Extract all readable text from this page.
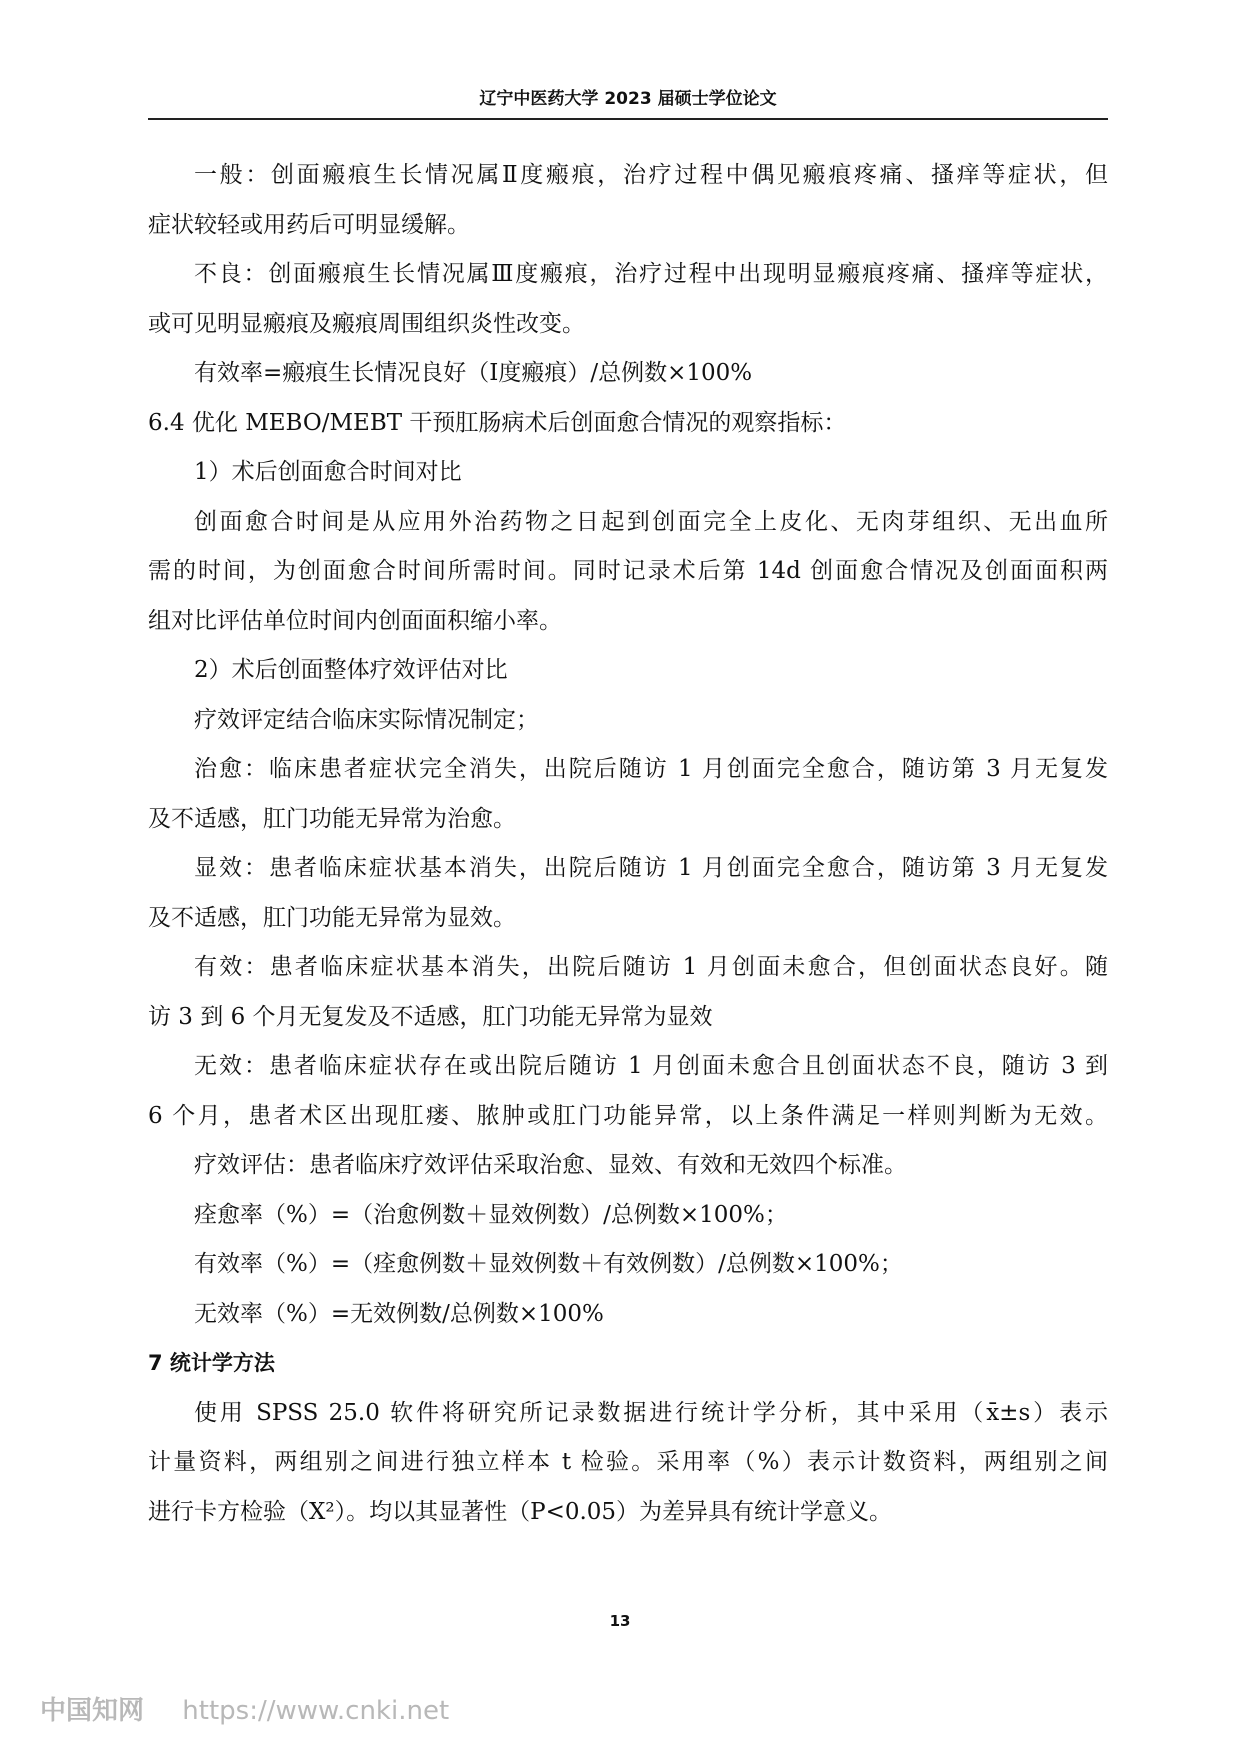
辽宁中医药大学 2023 届硕士学位论文
一般：创面瘢痕生长情况属Ⅱ度瘢痕，治疗过程中偶见瘢痕疼痛、搔痒等症状，但
症状较轻或用药后可明显缓解。
不良：创面瘢痕生长情况属Ⅲ度瘢痕，治疗过程中出现明显瘢痕疼痛、搔痒等症状，
或可见明显瘢痕及瘢痕周围组织炎性改变。
有效率=瘢痕生长情况良好（Ⅰ度瘢痕）/总例数×100%
6.4 优化 MEBO/MEBT 干预肛肠病术后创面愈合情况的观察指标：
1）术后创面愈合时间对比
创面愈合时间是从应用外治药物之日起到创面完全上皮化、无肉芽组织、无出血所
需的时间，为创面愈合时间所需时间。同时记录术后第 14d 创面愈合情况及创面面积两
组对比评估单位时间内创面面积缩小率。
2）术后创面整体疗效评估对比
疗效评定结合临床实际情况制定；
治愈：临床患者症状完全消失，出院后随访 1 月创面完全愈合，随访第 3 月无复发
及不适感，肛门功能无异常为治愈。
显效：患者临床症状基本消失，出院后随访 1 月创面完全愈合，随访第 3 月无复发
及不适感，肛门功能无异常为显效。
有效：患者临床症状基本消失，出院后随访 1 月创面未愈合，但创面状态良好。随
访 3 到 6 个月无复发及不适感，肛门功能无异常为显效
无效：患者临床症状存在或出院后随访 1 月创面未愈合且创面状态不良，随访 3 到
6 个月，患者术区出现肛瘘、脓肿或肛门功能异常，以上条件满足一样则判断为无效。
疗效评估：患者临床疗效评估采取治愈、显效、有效和无效四个标准。
痊愈率（%）=（治愈例数＋显效例数）/总例数×100%；
有效率（%）=（痊愈例数＋显效例数＋有效例数）/总例数×100%；
无效率（%）=无效例数/总例数×100%
7 统计学方法
使用 SPSS 25.0 软件将研究所记录数据进行统计学分析，其中采用（x̄±s）表示
计量资料，两组别之间进行独立样本 t 检验。采用率（%）表示计数资料，两组别之间
进行卡方检验（X²）。均以其显著性（P<0.05）为差异具有统计学意义。
13
中国知网 https://www.cnki.net
